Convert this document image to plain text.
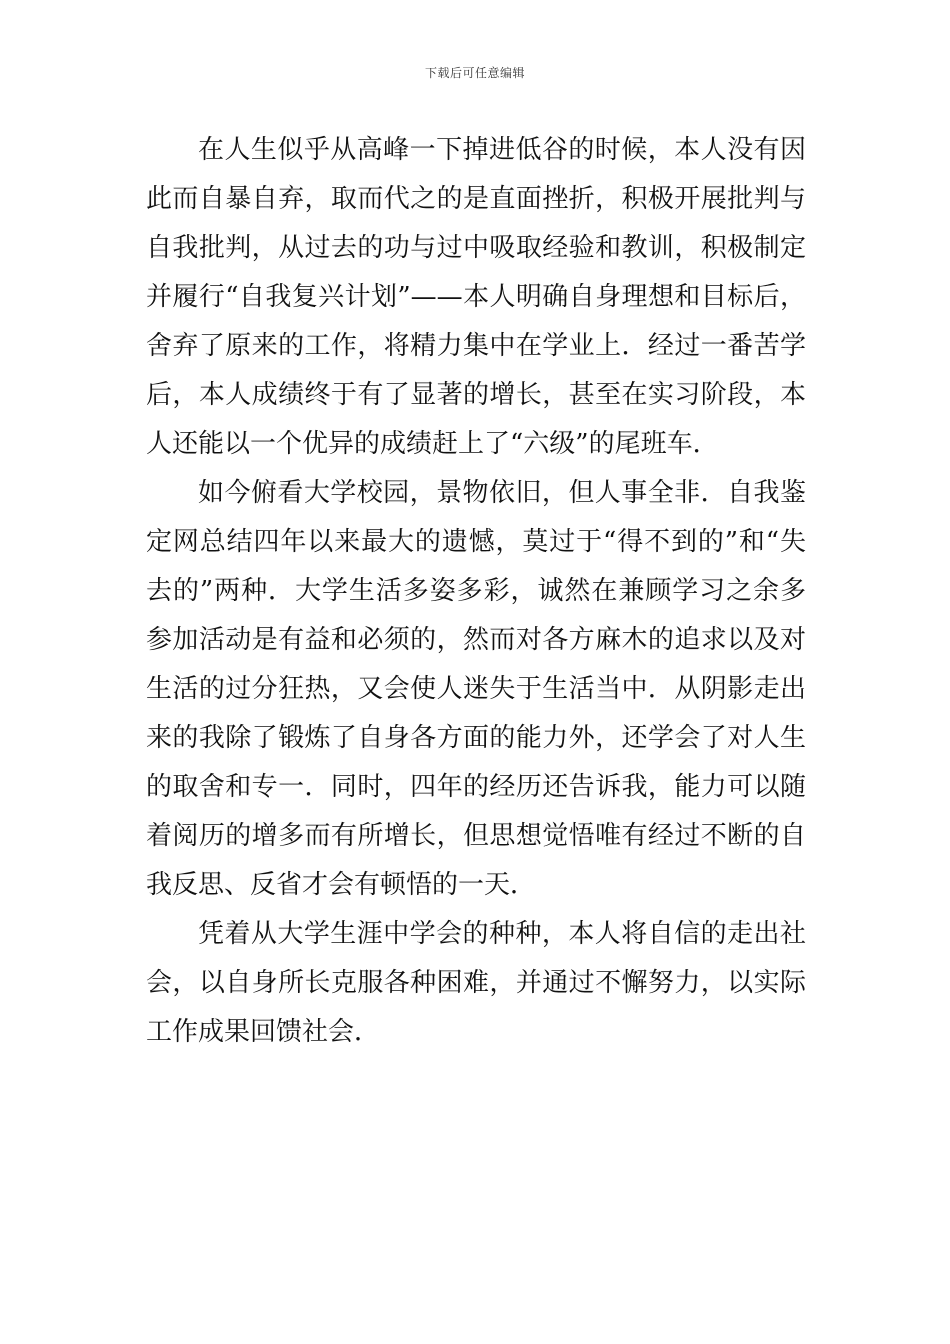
下载后可任意编辑

在人生似乎从高峰一下掉进低谷的时候，本人没有因此而自暴自弃，取而代之的是直面挫折，积极开展批判与自我批判，从过去的功与过中吸取经验和教训，积极制定并履行“自我复兴计划”——本人明确自身理想和目标后，舍弃了原来的工作，将精力集中在学业上．经过一番苦学后，本人成绩终于有了显著的增长，甚至在实习阶段，本人还能以一个优异的成绩赶上了“六级”的尾班车．

如今俯看大学校园，景物依旧，但人事全非．自我鉴定网总结四年以来最大的遗憾，莫过于“得不到的”和“失去的”两种．大学生活多姿多彩，诚然在兼顾学习之余多参加活动是有益和必须的，然而对各方麻木的追求以及对生活的过分狂热，又会使人迷失于生活当中．从阴影走出来的我除了锻炼了自身各方面的能力外，还学会了对人生的取舍和专一．同时，四年的经历还告诉我，能力可以随着阅历的增多而有所增长，但思想觉悟唯有经过不断的自我反思、反省才会有顿悟的一天．

凭着从大学生涯中学会的种种，本人将自信的走出社会，以自身所长克服各种困难，并通过不懈努力，以实际工作成果回馈社会．
